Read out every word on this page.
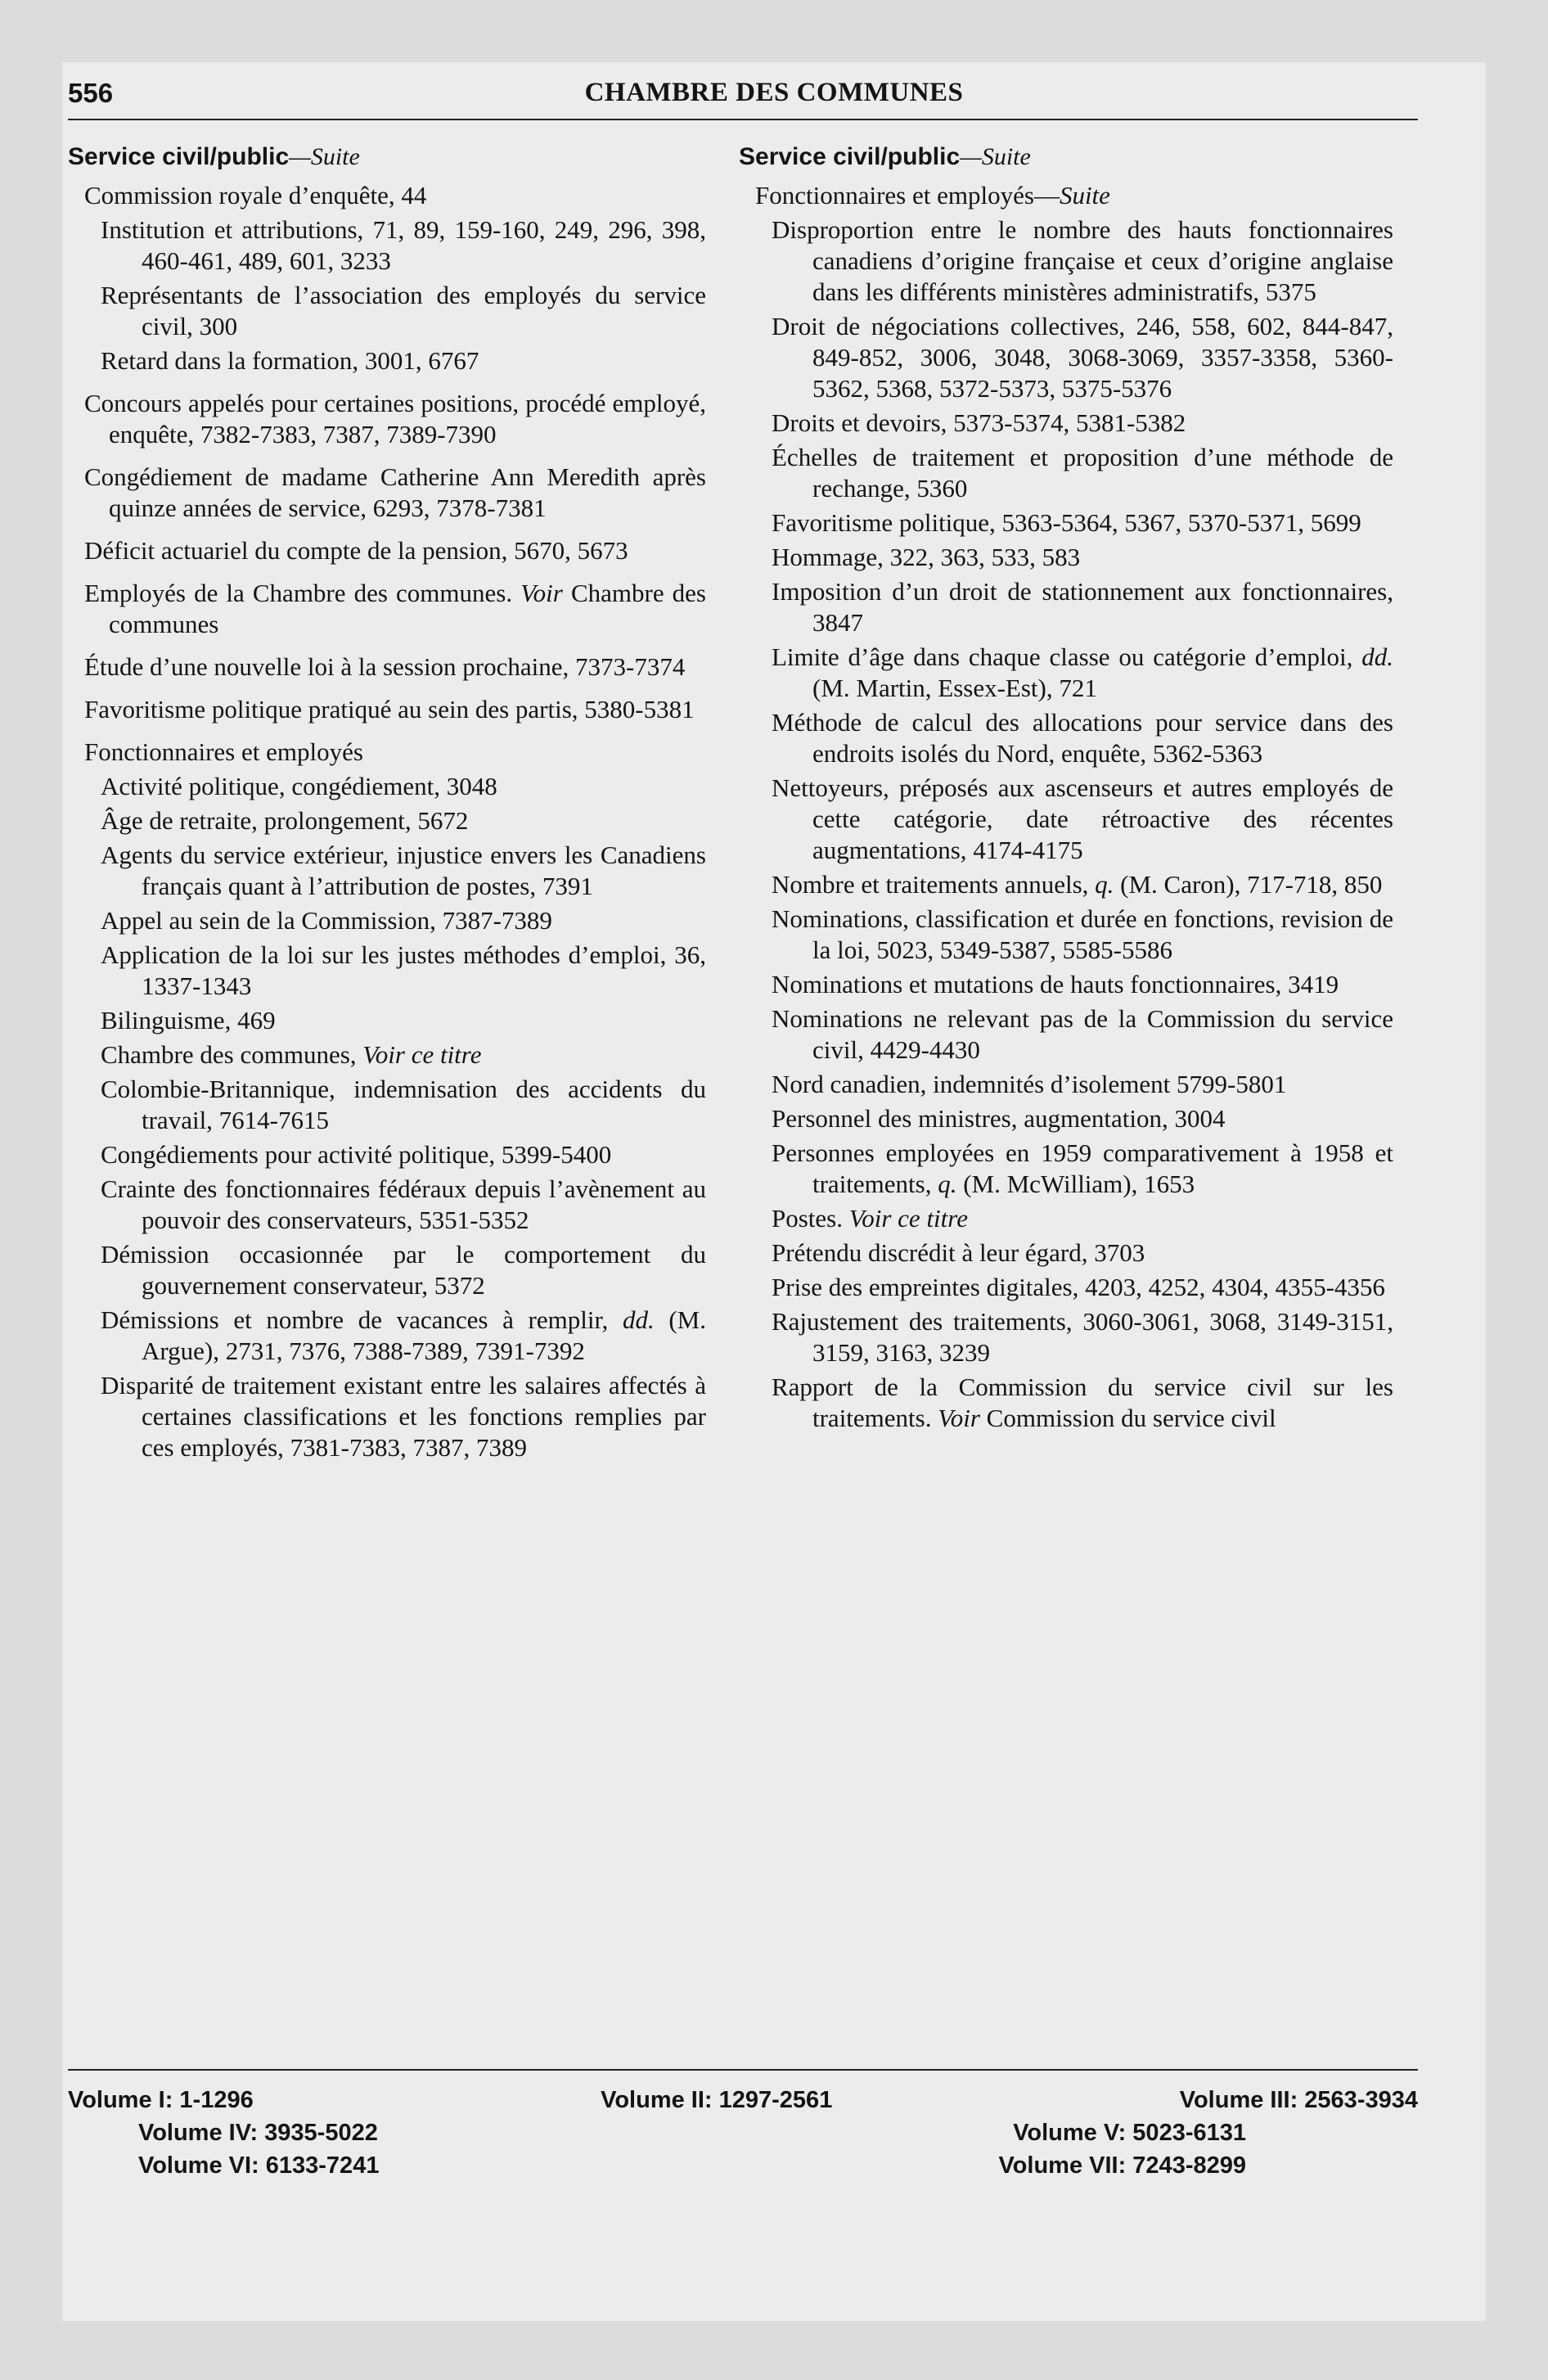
556	CHAMBRE DES COMMUNES
Service civil/public—Suite

Commission royale d’enquête, 44

Institution et attributions, 71, 89, 159-160, 249, 296, 398, 460-461, 489, 601, 3233

Représentants de l’association des employés du service civil, 300

Retard dans la formation, 3001, 6767

Concours appelés pour certaines positions, procédé employé, enquête, 7382-7383, 7387, 7389-7390

Congédiement de madame Catherine Ann Meredith après quinze années de service, 6293, 7378-7381

Déficit actuariel du compte de la pension, 5670, 5673

Employés de la Chambre des communes. Voir Chambre des communes

Étude d’une nouvelle loi à la session prochaine, 7373-7374

Favoritisme politique pratiqué au sein des partis, 5380-5381

Fonctionnaires et employés

Activité politique, congédiement, 3048

Âge de retraite, prolongement, 5672

Agents du service extérieur, injustice envers les Canadiens français quant à l’attribution de postes, 7391

Appel au sein de la Commission, 7387-7389

Application de la loi sur les justes méthodes d’emploi, 36, 1337-1343

Bilinguisme, 469

Chambre des communes, Voir ce titre

Colombie-Britannique, indemnisation des accidents du travail, 7614-7615

Congédiements pour activité politique, 5399-5400

Crainte des fonctionnaires fédéraux depuis l’avènement au pouvoir des conservateurs, 5351-5352

Démission occasionnée par le comportement du gouvernement conservateur, 5372

Démissions et nombre de vacances à remplir, dd. (M. Argue), 2731, 7376, 7388-7389, 7391-7392

Disparité de traitement existant entre les salaires affectés à certaines classifications et les fonctions remplies par ces employés, 7381-7383, 7387, 7389

Service civil/public—Suite

Fonctionnaires et employés—Suite

Disproportion entre le nombre des hauts fonctionnaires canadiens d’origine française et ceux d’origine anglaise dans les différents ministères administratifs, 5375

Droit de négociations collectives, 246, 558, 602, 844-847, 849-852, 3006, 3048, 3068-3069, 3357-3358, 5360-5362, 5368, 5372-5373, 5375-5376

Droits et devoirs, 5373-5374, 5381-5382

Échelles de traitement et proposition d’une méthode de rechange, 5360

Favoritisme politique, 5363-5364, 5367, 5370-5371, 5699

Hommage, 322, 363, 533, 583

Imposition d’un droit de stationnement aux fonctionnaires, 3847

Limite d’âge dans chaque classe ou catégorie d’emploi, dd. (M. Martin, Essex-Est), 721

Méthode de calcul des allocations pour service dans des endroits isolés du Nord, enquête, 5362-5363

Nettoyeurs, préposés aux ascenseurs et autres employés de cette catégorie, date rétroactive des récentes augmentations, 4174-4175

Nombre et traitements annuels, q. (M. Caron), 717-718, 850

Nominations, classification et durée en fonctions, revision de la loi, 5023, 5349-5387, 5585-5586

Nominations et mutations de hauts fonctionnaires, 3419

Nominations ne relevant pas de la Commission du service civil, 4429-4430

Nord canadien, indemnités d’isolement 5799-5801

Personnel des ministres, augmentation, 3004

Personnes employées en 1959 comparativement à 1958 et traitements, q. (M. McWilliam), 1653

Postes. Voir ce titre

Prétendu discrédit à leur égard, 3703

Prise des empreintes digitales, 4203, 4252, 4304, 4355-4356

Rajustement des traitements, 3060-3061, 3068, 3149-3151, 3159, 3163, 3239

Rapport de la Commission du service civil sur les traitements. Voir Commission du service civil

Volume I: 1-1296	Volume II: 1297-2561	Volume III: 2563-3934
Volume IV: 3935-5022	Volume V: 5023-6131
Volume VI: 6133-7241	Volume VII: 7243-8299
